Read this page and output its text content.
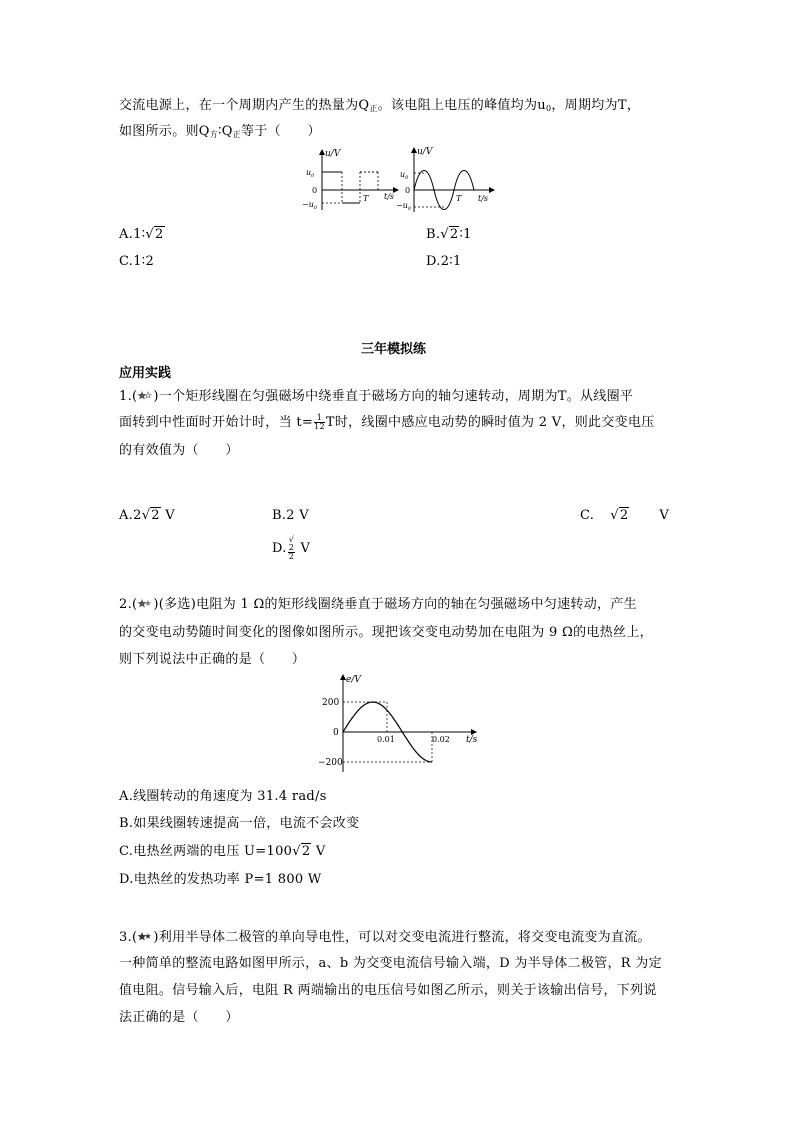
交流电源上，在一个周期内产生的热量为$Q_正$。该电阻上电压的峰值均为$u_0$，周期均为T，
如图所示。则$Q_方∶Q_正$等于（　　）
u/V
$u_0$
0
$-u_0$
T t/s
u/V
$u_0$
0
$-u_0$
T t/s
A.1∶√2	B.√2∶1
C.1∶2	D.2∶1
三年模拟练
应用实践
1.( )一个矩形线圈在匀强磁场中绕垂直于磁场方向的轴匀速转动，周期为T。从线圈平
面转到中性面时开始计时，当 $t= \frac{1}{12}$ T时，线圈中感应电动势的瞬时值为 2 V，则此交变电压
的有效值为（　　）
A.2√2 V	B.2 V	C. √2 V
D. √
2
2 V
2.( )(多选)电阻为 1 Ω的矩形线圈绕垂直于磁场方向的轴在匀强磁场中匀速转动，产生
的交变电动势随时间变化的图像如图所示。现把该交变电动势加在电阻为 9 Ω的电热丝上，
则下列说法中正确的是（　　）
e/V
200
0
−200
0.01	0.02 t/s
A.线圈转动的角速度为 31.4 rad/s
B.如果线圈转速提高一倍，电流不会改变
C.电热丝两端的电压 U=100√2 V
D.电热丝的发热功率 P=1 800 W
3.( )利用半导体二极管的单向导电性，可以对交变电流进行整流，将交变电流变为直流。
一种简单的整流电路如图甲所示，a、b 为交变电流信号输入端，D 为半导体二极管，R 为定
值电阻。信号输入后，电阻 R 两端输出的电压信号如图乙所示，则关于该输出信号，下列说
法正确的是（　　）
